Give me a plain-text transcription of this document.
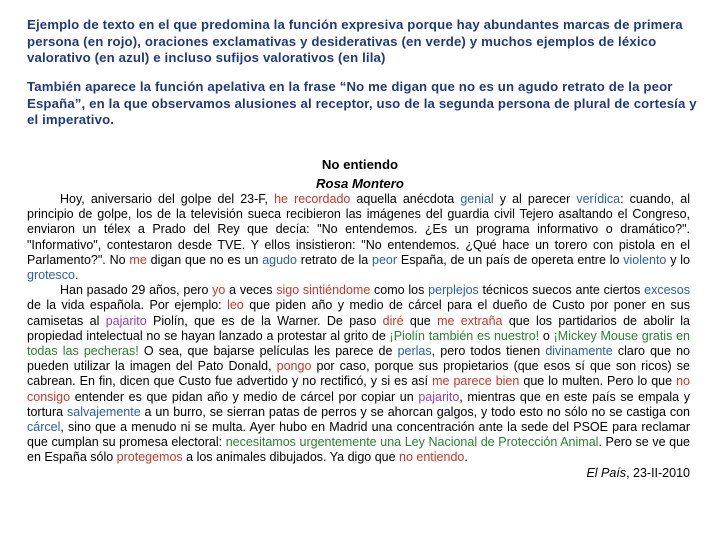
Ejemplo de texto en el que predomina la función expresiva porque hay abundantes marcas de primera persona (en rojo), oraciones exclamativas y desiderativas (en verde) y muchos ejemplos de léxico valorativo (en azul) e incluso sufijos valorativos (en lila)
También aparece la función apelativa en la frase “No me digan que no es un agudo retrato de la peor España”, en la que observamos alusiones al receptor, uso de la segunda persona de plural de cortesía y el imperativo.
No entiendo
Rosa Montero

Hoy, aniversario del golpe del 23-F, he recordado aquella anécdota genial y al parecer verídica: cuando, al principio de golpe, los de la televisión sueca recibieron las imágenes del guardia civil Tejero asaltando el Congreso, enviaron un télex a Prado del Rey que decía: "No entendemos. ¿Es un programa informativo o dramático?". "Informativo", contestaron desde TVE. Y ellos insistieron: "No entendemos. ¿Qué hace un torero con pistola en el Parlamento?". No me digan que no es un agudo retrato de la peor España, de un país de opereta entre lo violento y lo grotesco.

Han pasado 29 años, pero yo a veces sigo sintiéndome como los perplejos técnicos suecos ante ciertos excesos de la vida española. Por ejemplo: leo que piden año y medio de cárcel para el dueño de Custo por poner en sus camisetas al pajarito Piolín, que es de la Warner. De paso diré que me extraña que los partidarios de abolir la propiedad intelectual no se hayan lanzado a protestar al grito de ¡Piolín también es nuestro! o ¡Mickey Mouse gratis en todas las pecheras! O sea, que bajarse películas les parece de perlas, pero todos tienen divinamente claro que no pueden utilizar la imagen del Pato Donald, pongo por caso, porque sus propietarios (que esos sí que son ricos) se cabrean. En fin, dicen que Custo fue advertido y no rectificó, y si es así me parece bien que lo multen. Pero lo que no consigo entender es que pidan año y medio de cárcel por copiar un pajarito, mientras que en este país se empala y tortura salvajemente a un burro, se sierran patas de perros y se ahorcan galgos, y todo esto no sólo no se castiga con cárcel, sino que a menudo ni se multa. Ayer hubo en Madrid una concentración ante la sede del PSOE para reclamar que cumplan su promesa electoral: necesitamos urgentemente una Ley Nacional de Protección Animal. Pero se ve que en España sólo protegemos a los animales dibujados. Ya digo que no entiendo.

El País, 23-II-2010
